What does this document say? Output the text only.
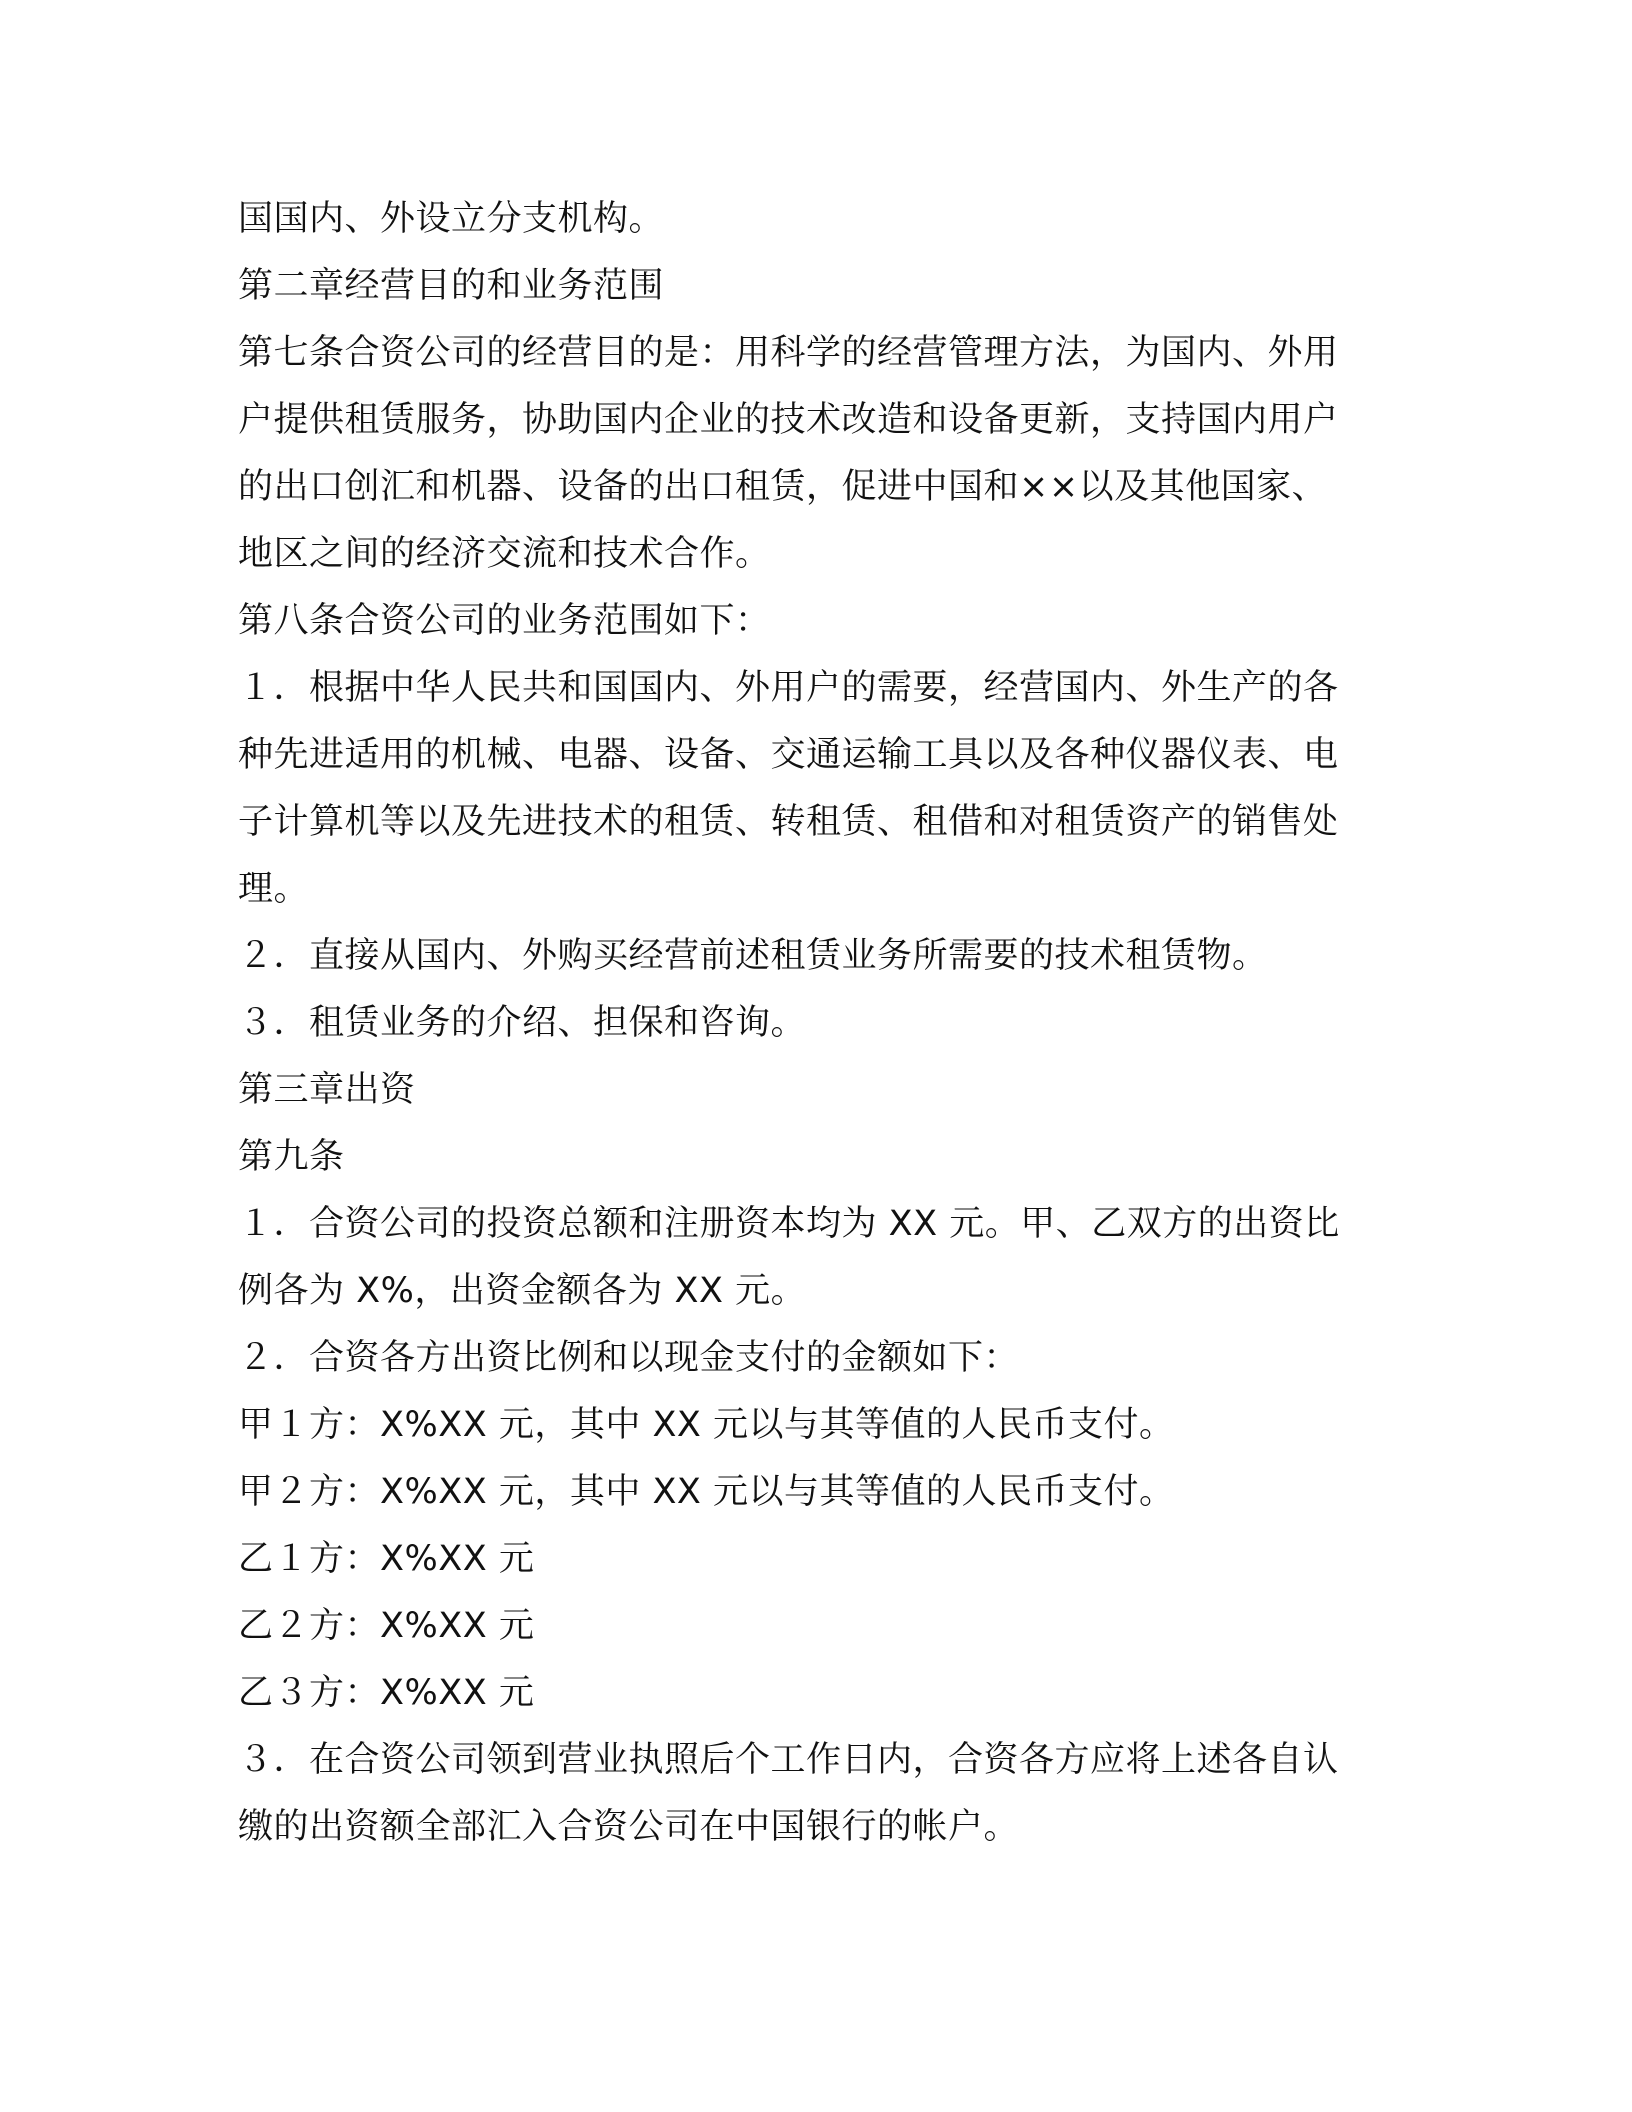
国国内、外设立分支机构。
第二章经营目的和业务范围
第七条合资公司的经营目的是：用科学的经营管理方法，为国内、外用
户提供租赁服务，协助国内企业的技术改造和设备更新，支持国内用户
的出口创汇和机器、设备的出口租赁，促进中国和××以及其他国家、
地区之间的经济交流和技术合作。
第八条合资公司的业务范围如下：
１．根据中华人民共和国国内、外用户的需要，经营国内、外生产的各
种先进适用的机械、电器、设备、交通运输工具以及各种仪器仪表、电
子计算机等以及先进技术的租赁、转租赁、租借和对租赁资产的销售处
理。
２．直接从国内、外购买经营前述租赁业务所需要的技术租赁物。
３．租赁业务的介绍、担保和咨询。
第三章出资
第九条
１．合资公司的投资总额和注册资本均为 XX 元。甲、乙双方的出资比
例各为 X%，出资金额各为 XX 元。
２．合资各方出资比例和以现金支付的金额如下：
甲１方：X%XX 元，其中 XX 元以与其等值的人民币支付。
甲２方：X%XX 元，其中 XX 元以与其等值的人民币支付。
乙１方：X%XX 元
乙２方：X%XX 元
乙３方：X%XX 元
３．在合资公司领到营业执照后个工作日内，合资各方应将上述各自认
缴的出资额全部汇入合资公司在中国银行的帐户。
